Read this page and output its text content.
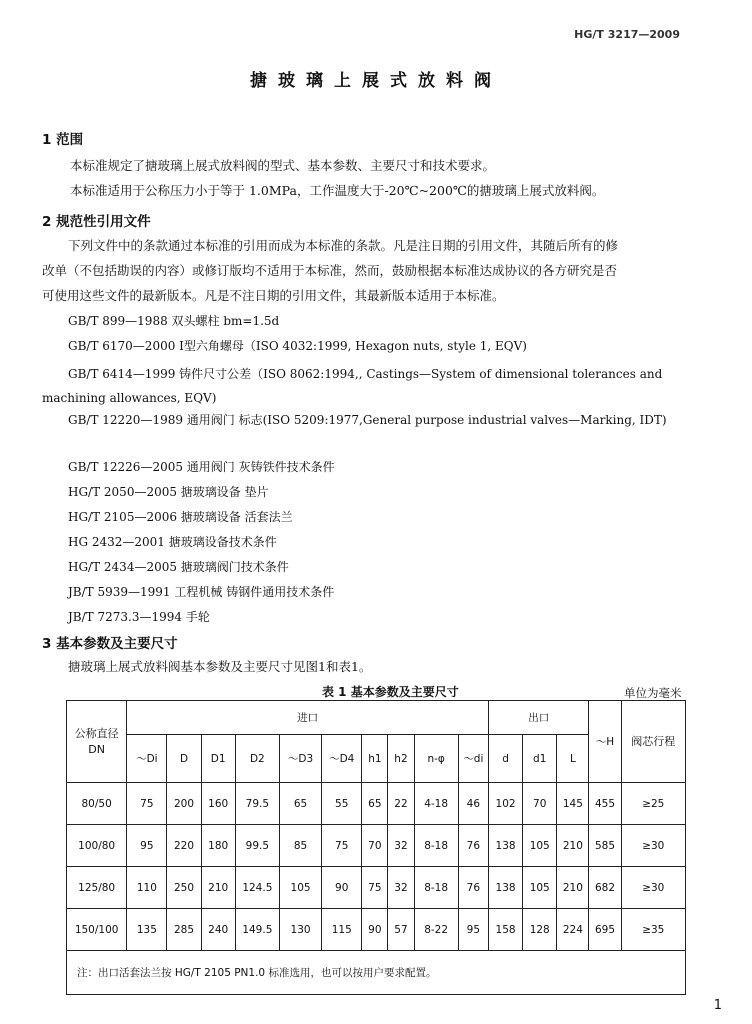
HG/T 3217—2009
搪玻璃上展式放料阀
1 范围
本标准规定了搪玻璃上展式放料阀的型式、基本参数、主要尺寸和技术要求。
本标准适用于公称压力小于等于 1.0MPa，工作温度大于-20℃~200℃的搪玻璃上展式放料阀。
2 规范性引用文件
下列文件中的条款通过本标准的引用而成为本标准的条款。凡是注日期的引用文件，其随后所有的修
改单（不包括勘误的内容）或修订版均不适用于本标准，然而，鼓励根据本标准达成协议的各方研究是否
可使用这些文件的最新版本。凡是不注日期的引用文件，其最新版本适用于本标准。
GB/T 899—1988 双头螺柱 bm=1.5d
GB/T 6170—2000 Ⅰ型六角螺母（ISO 4032:1999, Hexagon nuts, style 1, EQV)
GB/T 6414—1999 铸件尺寸公差（ISO 8062:1994,, Castings—System of dimensional tolerances and machining allowances, EQV)
GB/T 12220—1989 通用阀门 标志(ISO 5209:1977,General purpose industrial valves—Marking, IDT)
GB/T 12226—2005 通用阀门 灰铸铁件技术条件
HG/T 2050—2005 搪玻璃设备 垫片
HG/T 2105—2006 搪玻璃设备 活套法兰
HG 2432—2001 搪玻璃设备技术条件
HG/T 2434—2005 搪玻璃阀门技术条件
JB/T 5939—1991 工程机械 铸钢件通用技术条件
JB/T 7273.3—1994 手轮
3 基本参数及主要尺寸
搪玻璃上展式放料阀基本参数及主要尺寸见图1和表1。
表 1 基本参数及主要尺寸	单位为毫米
公称直径 DN	进口										出口			～H	阀芯行程
	～Di	D	D1	D2	～D3	～D4	h1	h2	n-φ	～di	d	d1	L		
80/50	75	200	160	79.5	65	55	65	22	4-18	46	102	70	145	455	≥25
100/80	95	220	180	99.5	85	75	70	32	8-18	76	138	105	210	585	≥30
125/80	110	250	210	124.5	105	90	75	32	8-18	76	138	105	210	682	≥30
150/100	135	285	240	149.5	130	115	90	57	8-22	95	158	128	224	695	≥35
注：出口活套法兰按 HG/T 2105 PN1.0 标准选用，也可以按用户要求配置。															
1
